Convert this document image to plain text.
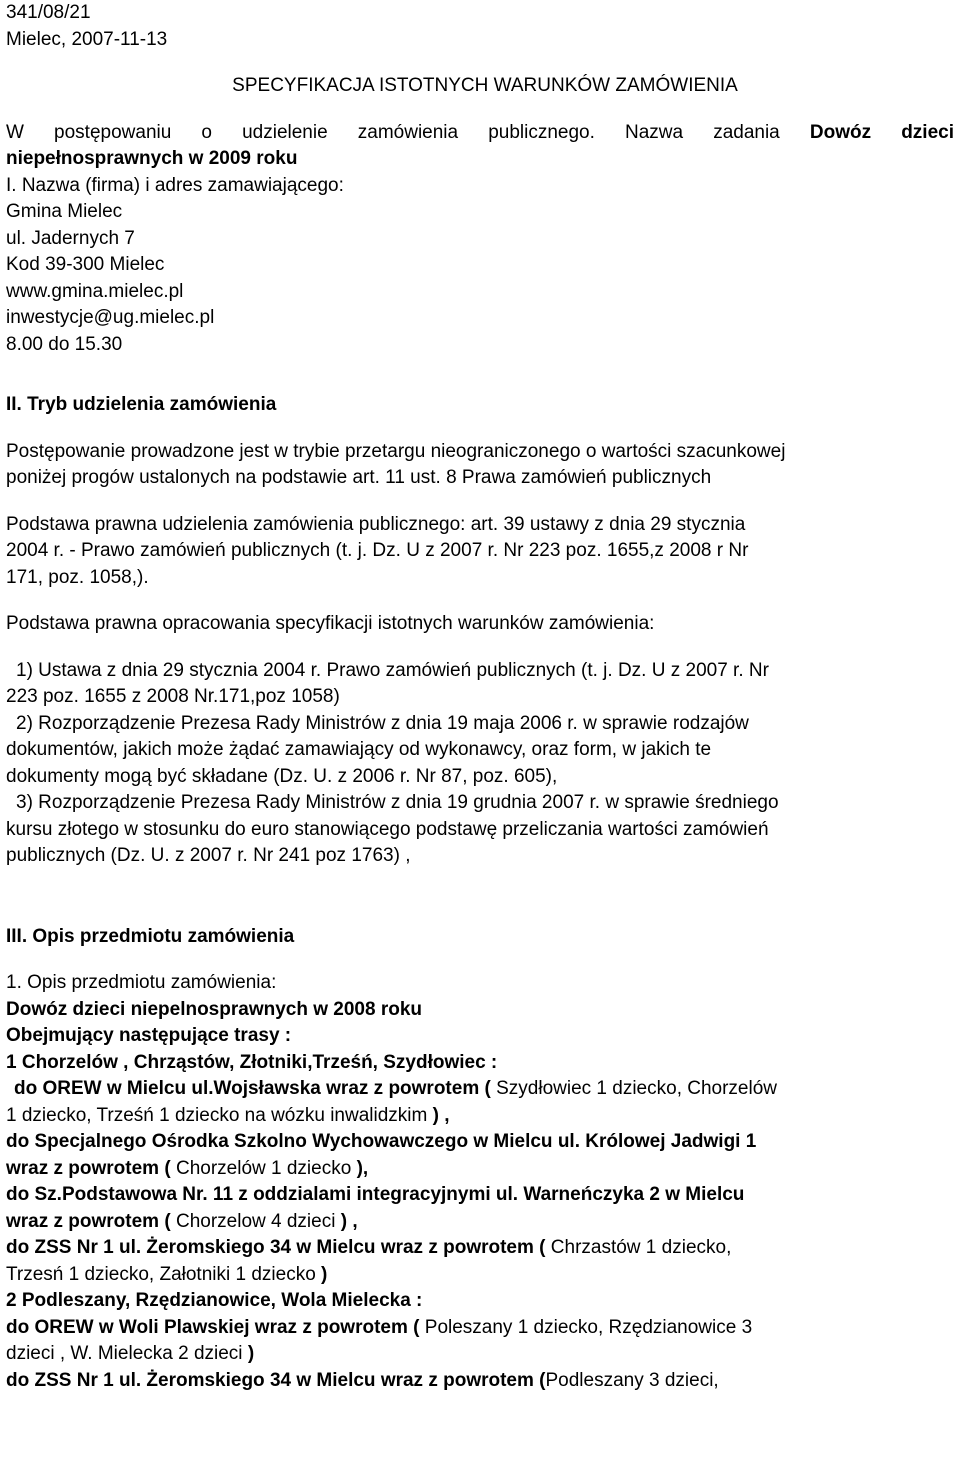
341/08/21

Mielec, 2007-11-13

SPECYFIKACJA ISTOTNYCH WARUNKÓW ZAMÓWIENIA

W postępowaniu o udzielenie zamówienia publicznego. Nazwa zadania Dowóz dzieci

niepełnosprawnych w 2009 roku

I. Nazwa (firma) i adres zamawiającego:

Gmina Mielec

ul. Jadernych 7

Kod 39-300 Mielec

www.gmina.mielec.pl

inwestycje@ug.mielec.pl

8.00 do 15.30

II. Tryb udzielenia zamówienia

Postępowanie prowadzone jest w trybie przetargu nieograniczonego o wartości szacunkowej

poniżej progów ustalonych na podstawie art. 11 ust. 8 Prawa zamówień publicznych

Podstawa prawna udzielenia zamówienia publicznego: art. 39 ustawy z dnia 29 stycznia

2004 r. - Prawo zamówień publicznych (t. j. Dz. U z 2007 r. Nr 223 poz. 1655,z 2008 r Nr

171, poz. 1058,).

Podstawa prawna opracowania specyfikacji istotnych warunków zamówienia:

1) Ustawa z dnia 29 stycznia 2004 r. Prawo zamówień publicznych (t. j. Dz. U z 2007 r. Nr

223 poz. 1655 z 2008 Nr.171,poz 1058)

2) Rozporządzenie Prezesa Rady Ministrów z dnia 19 maja 2006 r. w sprawie rodzajów

dokumentów, jakich może żądać zamawiający od wykonawcy, oraz form, w jakich te

dokumenty mogą być składane (Dz. U. z 2006 r. Nr 87, poz. 605),

3) Rozporządzenie Prezesa Rady Ministrów z dnia 19 grudnia 2007 r. w sprawie średniego

kursu złotego w stosunku do euro stanowiącego podstawę przeliczania wartości zamówień

publicznych (Dz. U. z 2007 r. Nr 241 poz 1763) ,

III. Opis przedmiotu zamówienia

1. Opis przedmiotu zamówienia:

Dowóz dzieci niepelnosprawnych w 2008 roku

Obejmujący następujące trasy :

1 Chorzelów , Chrząstów, Złotniki,Trześń, Szydłowiec :

do OREW w Mielcu ul.Wojsławska wraz z powrotem ( Szydłowiec 1 dziecko, Chorzelów

1 dziecko, Trześń 1 dziecko na wózku inwalidzkim ) ,

do Specjalnego Ośrodka Szkolno Wychowawczego w Mielcu ul. Królowej Jadwigi 1

wraz z powrotem ( Chorzelów 1 dziecko ),

do Sz.Podstawowa Nr. 11 z oddzialami integracyjnymi ul. Warneńczyka 2 w Mielcu

wraz z powrotem ( Chorzelow 4 dzieci ) ,

do ZSS Nr 1 ul. Żeromskiego 34 w Mielcu wraz z powrotem ( Chrzastów 1 dziecko,

Trzesń 1 dziecko, Załotniki 1 dziecko )

2 Podleszany, Rzędzianowice, Wola Mielecka :

do OREW w Woli Plawskiej wraz z powrotem ( Poleszany 1 dziecko, Rzędzianowice 3

dzieci , W. Mielecka 2 dzieci )

do ZSS Nr 1 ul. Żeromskiego 34 w Mielcu wraz z powrotem (Podleszany 3 dzieci,
